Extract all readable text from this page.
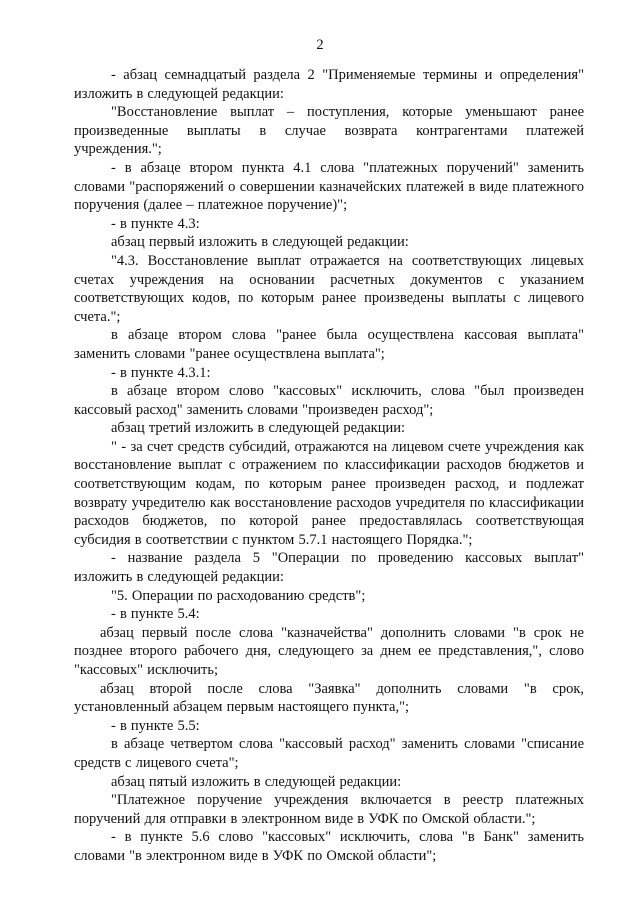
2

- абзац семнадцатый раздела 2 "Применяемые термины и определения" изложить в следующей редакции:

"Восстановление выплат – поступления, которые уменьшают ранее произведенные выплаты в случае возврата контрагентами платежей учреждения.";

- в абзаце втором пункта 4.1 слова "платежных поручений" заменить словами "распоряжений о совершении казначейских платежей в виде платежного поручения (далее – платежное поручение)";

- в пункте 4.3:

абзац первый изложить в следующей редакции:

"4.3. Восстановление выплат отражается на соответствующих лицевых счетах учреждения на основании расчетных документов с указанием соответствующих кодов, по которым ранее произведены выплаты с лицевого счета.";

в абзаце втором слова "ранее была осуществлена кассовая выплата" заменить словами "ранее осуществлена выплата";

- в пункте 4.3.1:

в абзаце втором слово "кассовых" исключить, слова "был произведен кассовый расход" заменить словами "произведен расход";

абзац третий изложить в следующей редакции:

" - за счет средств субсидий, отражаются на лицевом счете учреждения как восстановление выплат с отражением по классификации расходов бюджетов и соответствующим кодам, по которым ранее произведен расход, и подлежат возврату учредителю как восстановление расходов учредителя по классификации расходов бюджетов, по которой ранее предоставлялась соответствующая субсидия в соответствии с пунктом 5.7.1 настоящего Порядка.";

- название раздела 5 "Операции по проведению кассовых выплат" изложить в следующей редакции:

"5. Операции по расходованию средств";

- в пункте 5.4:

абзац первый после слова "казначейства" дополнить словами "в срок не позднее второго рабочего дня, следующего за днем ее представления,", слово "кассовых" исключить;

абзац второй после слова "Заявка" дополнить словами "в срок, установленный абзацем первым настоящего пункта,";

- в пункте 5.5:

в абзаце четвертом слова "кассовый расход" заменить словами "списание средств с лицевого счета";

абзац пятый изложить в следующей редакции:

"Платежное поручение учреждения включается в реестр платежных поручений для отправки в электронном виде в УФК по Омской области.";

- в пункте 5.6 слово "кассовых" исключить, слова "в Банк" заменить словами "в электронном виде в УФК по Омской области";
